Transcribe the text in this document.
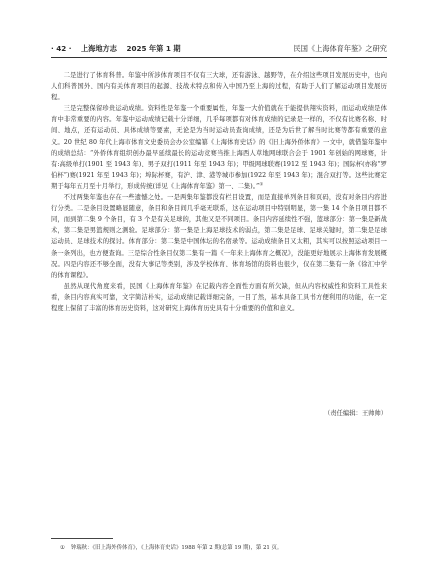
· 42 · 上海地方志 2025 年第 1 期	民国《上海体育年鉴》之研究

二是进行了体育科普。年鉴中所涉体育项目不仅有三大球，还有游泳、越野等，在介绍这些项目发展历史中，也向人们科普国外、国内有关体育项目的起源、技战术特点和传入中国乃至上海的过程，有助于人们了解运动项目发展历程。

三是完整保留珍贵运动成绩。资料性是年鉴一个重要属性，年鉴一大价值就在于能提供翔实资料，而运动成绩是体育中非常重要的内容。年鉴中运动成绩记载十分详细，几乎每项都有对体育成绩的记录是一样的，不仅有比赛名称、时间、地点，还有运动员、具体成绩等要素，无论是为当时运动员查询成绩，还是为后世了解当时比赛等都有重要的意义。20 世纪 80 年代上海市体育文史委员会办公室编纂《上海体育史话》的《旧上海外侨体育》一文中，就借鉴年鉴中的成绩总结：“外侨体育组织创办最早延续最长的运动竞赛当推上海西人草地网球联合会于 1901 年创始的网球赛，计有:高级单打(1901 至 1943 年)、男子双打(1911 年至 1943 年)；甲级网球联赛(1912 至 1943 年)；国际杯(亦称“罗伯杯”)赛(1921 年至 1943 年)；埠际杯赛，有沪、津、港等城市参加(1922 年至 1943 年)；混合双打等。这些比赛定期于每年五月至十月举行，形成传统(详见《上海体育年鉴》第一、二集)。”①

不过两集年鉴也存在一些遗憾之处。一是两集年鉴都没有栏目设置，而是直接单列条目和页码，没有对条目内容进行分类。二是条目设置略显随意，条目和条目间几乎毫无联系，这在运动项目中特别明显，第一集 14 个条目项目都不同，而到第二集 9 个条目，有 3 个是有关足球的，其他又是不同项目。条目内容延续性不强，篮球部分：第一集是新战术，第二集是男篮规则之测验。足球部分：第一集是上海足球技术的弱点，第二集是足球、足球关键时，第二集是足球运动员、足球技术的探讨。体育部分：第二集是中国体坛的名宿录等。运动成绩条目又太粗，其实可以按照运动项目一条一条列出，也方便查询。三是综合性条目仅第二集有一篇《一年来上海体育之概况》，没能更好地展示上海体育发展概况。四是内容还不够全面，没有大事记等类别，涉及学校体育、体育场馆的资料也很少，仅在第二集有一条《徐汇中学的体育课程》。

虽然从现代角度来看，民国《上海体育年鉴》在记载内容全面性方面有所欠缺，但从内容权威性和资料工具性来看，条目内容真实可靠，文字简洁朴实，运动成绩记载详细完备，一目了然，基本具备工具书方便利用的功能，在一定程度上保留了丰富的体育历史资料，这对研究上海体育历史具有十分重要的价值和意义。

（责任编辑：王帅帅）
① 钟瑞秋：《旧上海外侨体育》，《上海体育史话》1988 年第 2 期(总第 19 期)，第 21 页。
